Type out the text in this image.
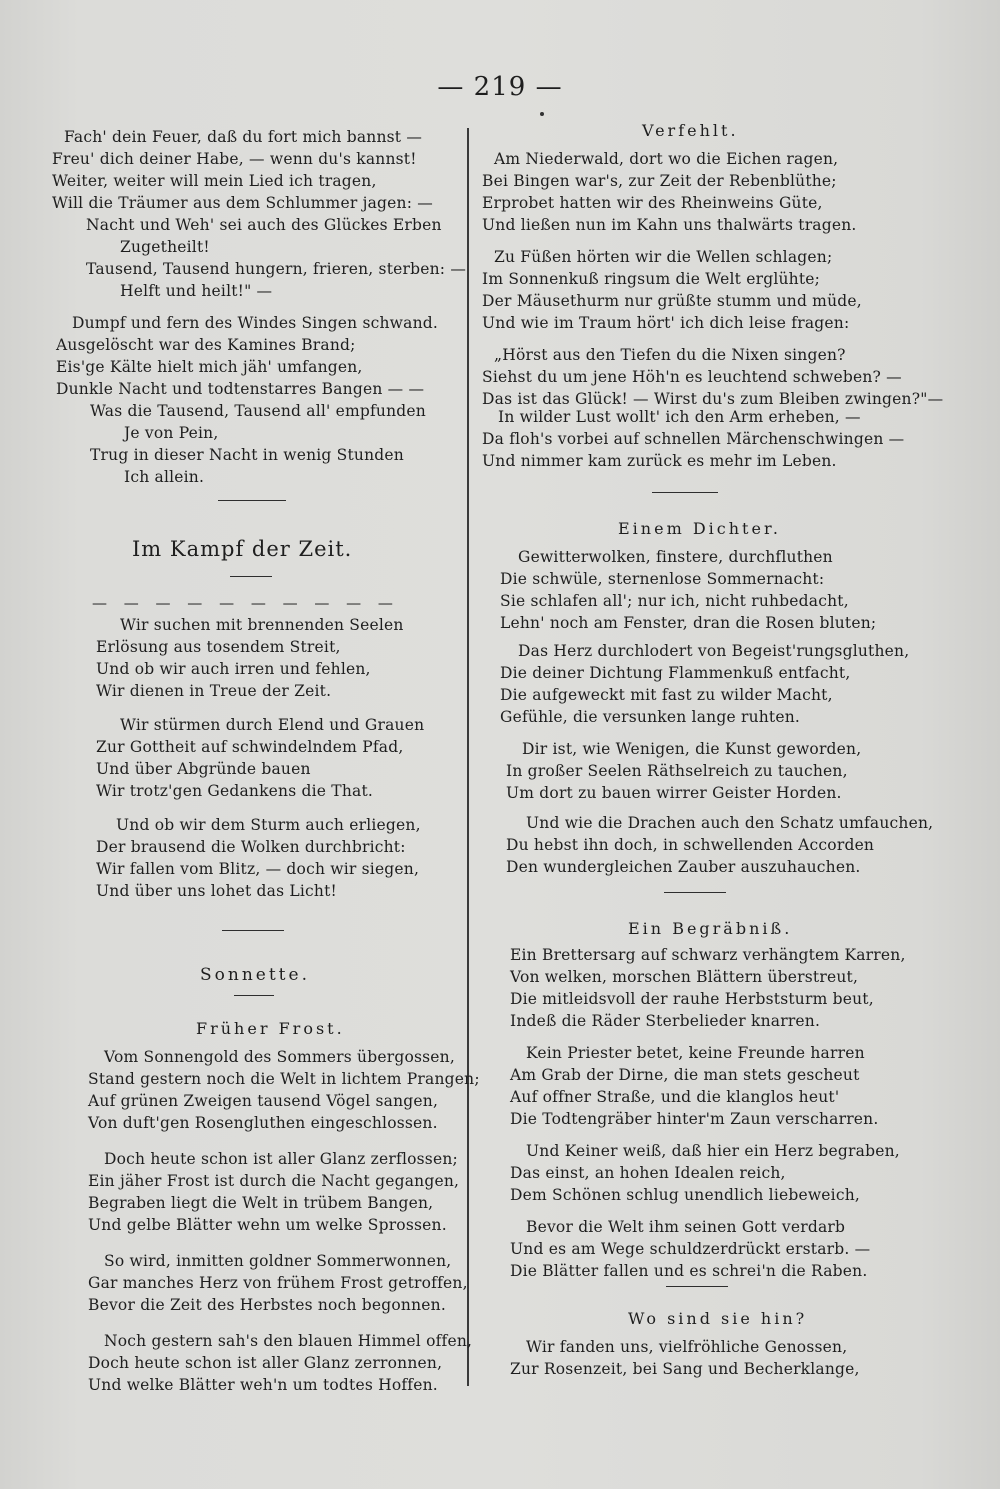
— 219 —
Fach' dein Feuer, daß du fort mich bannst —
Freu' dich deiner Habe, — wenn du's kannst!
Weiter, weiter will mein Lied ich tragen,
Will die Träumer aus dem Schlummer jagen: —
Nacht und Weh' sei auch des Glückes Erben
Zugetheilt!
Tausend, Tausend hungern, frieren, sterben: —
Helft und heilt!" —
Dumpf und fern des Windes Singen schwand.
Ausgelöscht war des Kamines Brand;
Eis'ge Kälte hielt mich jäh' umfangen,
Dunkle Nacht und todtenstarres Bangen — —
Was die Tausend, Tausend all' empfunden
Je von Pein,
Trug in dieser Nacht in wenig Stunden
Ich allein.
Im Kampf der Zeit.
— — — — — — — — — —
Wir suchen mit brennenden Seelen
Erlösung aus tosendem Streit,
Und ob wir auch irren und fehlen,
Wir dienen in Treue der Zeit.
Wir stürmen durch Elend und Grauen
Zur Gottheit auf schwindelndem Pfad,
Und über Abgründe bauen
Wir trotz'gen Gedankens die That.
Und ob wir dem Sturm auch erliegen,
Der brausend die Wolken durchbricht:
Wir fallen vom Blitz, — doch wir siegen,
Und über uns lohet das Licht!
Sonnette.
Früher Frost.
Vom Sonnengold des Sommers übergossen,
Stand gestern noch die Welt in lichtem Prangen;
Auf grünen Zweigen tausend Vögel sangen,
Von duft'gen Rosengluthen eingeschlossen.
Doch heute schon ist aller Glanz zerflossen;
Ein jäher Frost ist durch die Nacht gegangen,
Begraben liegt die Welt in trübem Bangen,
Und gelbe Blätter wehn um welke Sprossen.
So wird, inmitten goldner Sommerwonnen,
Gar manches Herz von frühem Frost getroffen,
Bevor die Zeit des Herbstes noch begonnen.
Noch gestern sah's den blauen Himmel offen,
Doch heute schon ist aller Glanz zerronnen,
Und welke Blätter weh'n um todtes Hoffen.
Verfehlt.
Am Niederwald, dort wo die Eichen ragen,
Bei Bingen war's, zur Zeit der Rebenblüthe;
Erprobet hatten wir des Rheinweins Güte,
Und ließen nun im Kahn uns thalwärts tragen.
Zu Füßen hörten wir die Wellen schlagen;
Im Sonnenkuß ringsum die Welt erglühte;
Der Mäusethurm nur grüßte stumm und müde,
Und wie im Traum hört' ich dich leise fragen:
„Hörst aus den Tiefen du die Nixen singen?
Siehst du um jene Höh'n es leuchtend schweben? —
Das ist das Glück! — Wirst du's zum Bleiben zwingen?"—
In wilder Lust wollt' ich den Arm erheben, —
Da floh's vorbei auf schnellen Märchenschwingen —
Und nimmer kam zurück es mehr im Leben.
Einem Dichter.
Gewitterwolken, finstere, durchfluthen
Die schwüle, sternenlose Sommernacht:
Sie schlafen all'; nur ich, nicht ruhbedacht,
Lehn' noch am Fenster, dran die Rosen bluten;
Das Herz durchlodert von Begeist'rungsgluthen,
Die deiner Dichtung Flammenkuß entfacht,
Die aufgeweckt mit fast zu wilder Macht,
Gefühle, die versunken lange ruhten.
Dir ist, wie Wenigen, die Kunst geworden,
In großer Seelen Räthselreich zu tauchen,
Um dort zu bauen wirrer Geister Horden.
Und wie die Drachen auch den Schatz umfauchen,
Du hebst ihn doch, in schwellenden Accorden
Den wundergleichen Zauber auszuhauchen.
Ein Begräbniß.
Ein Brettersarg auf schwarz verhängtem Karren,
Von welken, morschen Blättern überstreut,
Die mitleidsvoll der rauhe Herbststurm beut,
Indeß die Räder Sterbelieder knarren.
Kein Priester betet, keine Freunde harren
Am Grab der Dirne, die man stets gescheut
Auf offner Straße, und die klanglos heut'
Die Todtengräber hinter'm Zaun verscharren.
Und Keiner weiß, daß hier ein Herz begraben,
Das einst, an hohen Idealen reich,
Dem Schönen schlug unendlich liebeweich,
Bevor die Welt ihm seinen Gott verdarb
Und es am Wege schuldzerdrückt erstarb. —
Die Blätter fallen und es schrei'n die Raben.
Wo sind sie hin?
Wir fanden uns, vielfröhliche Genossen,
Zur Rosenzeit, bei Sang und Becherklange,
